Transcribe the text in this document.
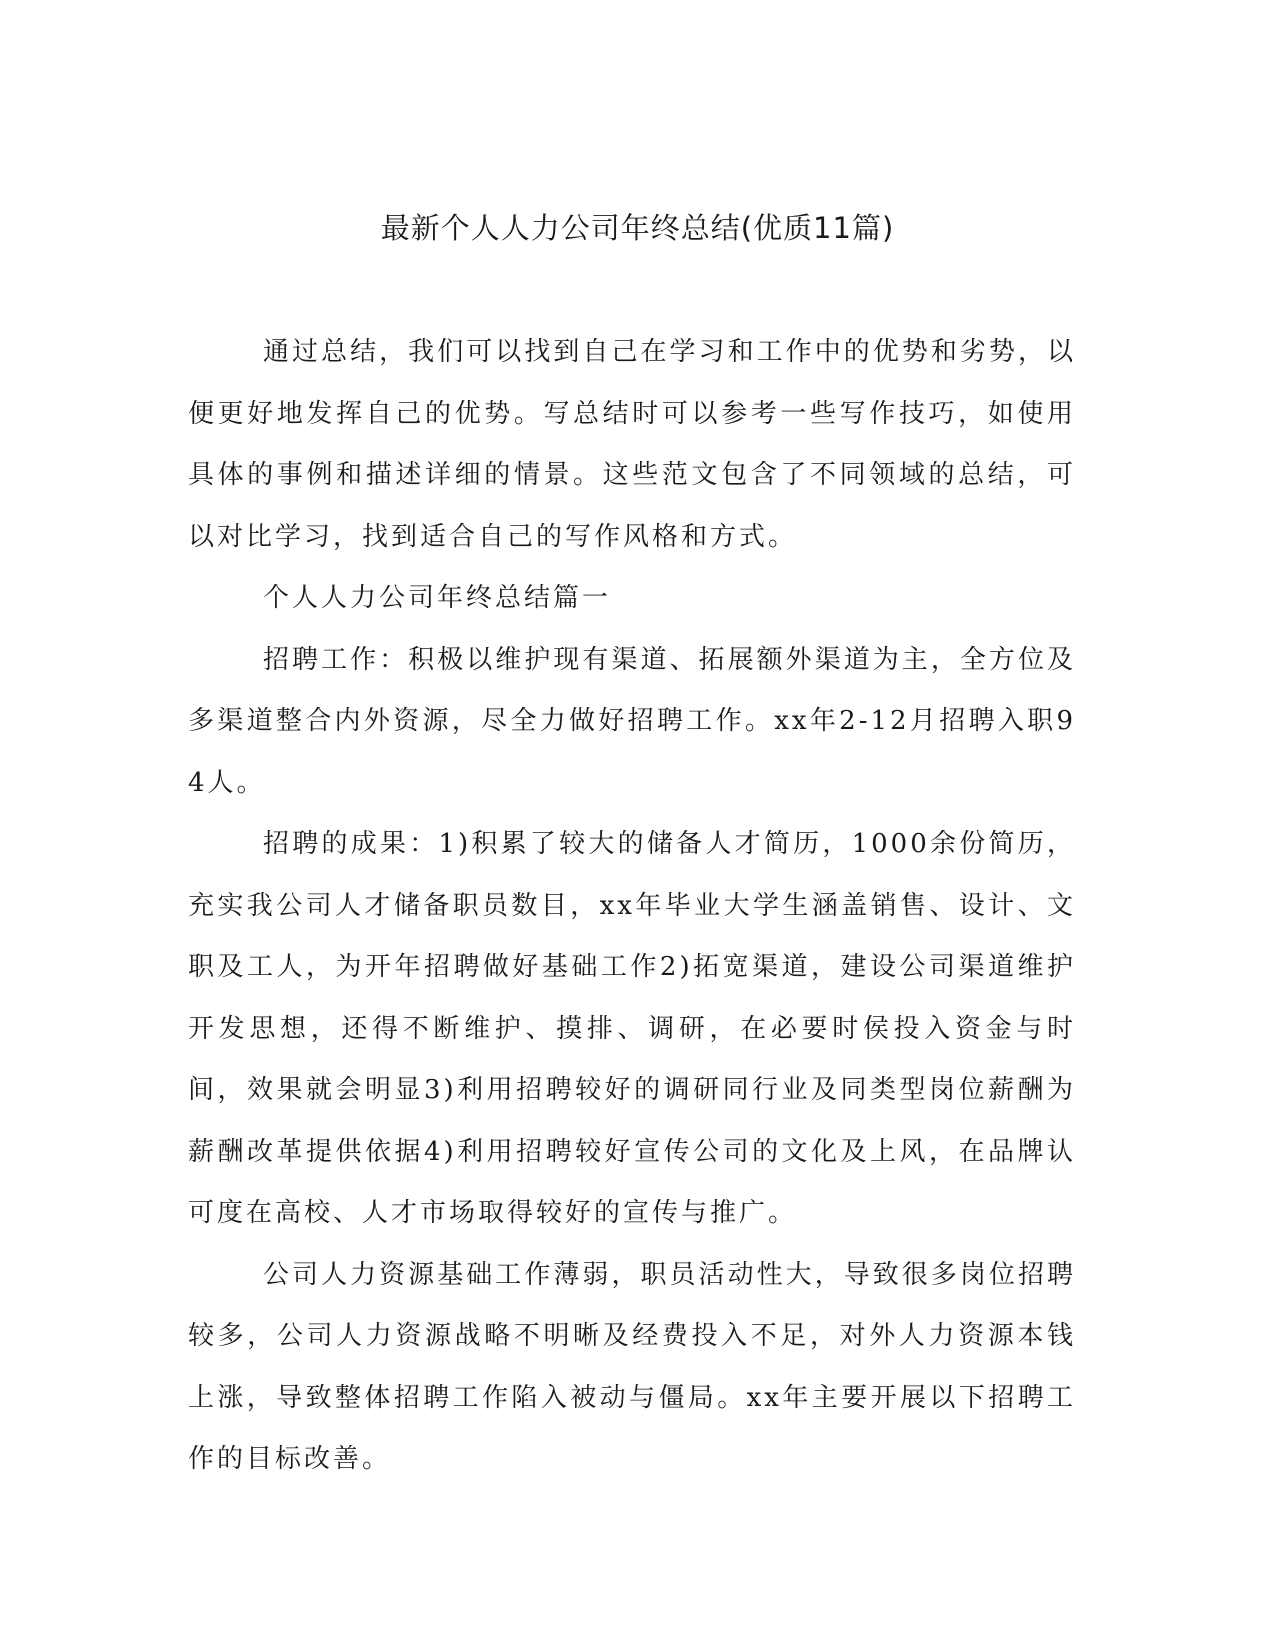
最新个人人力公司年终总结(优质11篇)

通过总结，我们可以找到自己在学习和工作中的优势和劣势，以便更好地发挥自己的优势。写总结时可以参考一些写作技巧，如使用具体的事例和描述详细的情景。这些范文包含了不同领域的总结，可以对比学习，找到适合自己的写作风格和方式。

个人人力公司年终总结篇一

招聘工作：积极以维护现有渠道、拓展额外渠道为主，全方位及多渠道整合内外资源，尽全力做好招聘工作。xx年2-12月招聘入职94人。

招聘的成果：1)积累了较大的储备人才简历，1000余份简历，充实我公司人才储备职员数目，xx年毕业大学生涵盖销售、设计、文职及工人，为开年招聘做好基础工作2)拓宽渠道，建设公司渠道维护开发思想，还得不断维护、摸排、调研，在必要时侯投入资金与时间，效果就会明显3)利用招聘较好的调研同行业及同类型岗位薪酬为薪酬改革提供依据4)利用招聘较好宣传公司的文化及上风，在品牌认可度在高校、人才市场取得较好的宣传与推广。

公司人力资源基础工作薄弱，职员活动性大，导致很多岗位招聘较多，公司人力资源战略不明晰及经费投入不足，对外人力资源本钱上涨，导致整体招聘工作陷入被动与僵局。xx年主要开展以下招聘工作的目标改善。
